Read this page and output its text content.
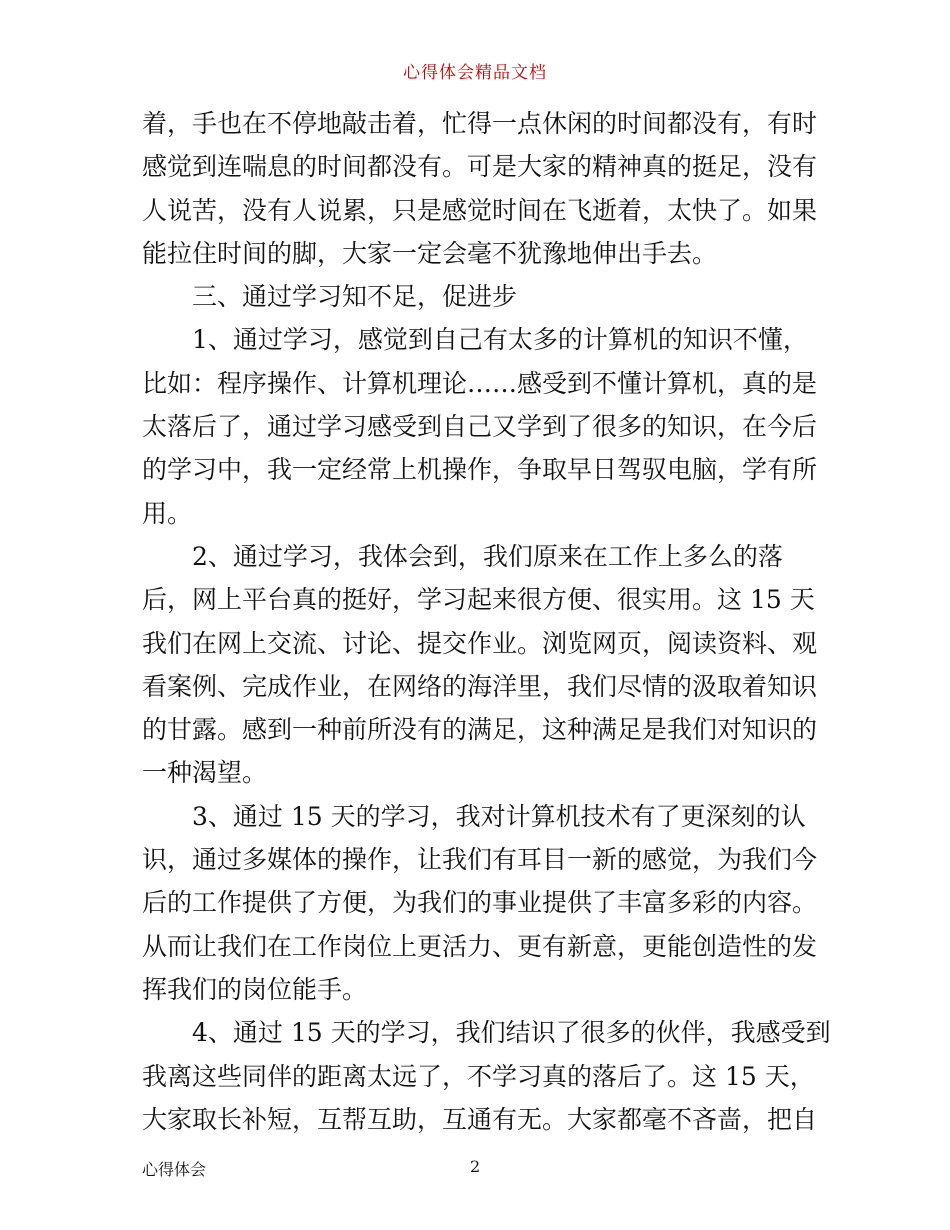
心得体会精品文档
着，手也在不停地敲击着，忙得一点休闲的时间都没有，有时
感觉到连喘息的时间都没有。可是大家的精神真的挺足，没有
人说苦，没有人说累，只是感觉时间在飞逝着，太快了。如果
能拉住时间的脚，大家一定会毫不犹豫地伸出手去。
三、通过学习知不足，促进步
1、通过学习，感觉到自己有太多的计算机的知识不懂，
比如：程序操作、计算机理论……感受到不懂计算机，真的是
太落后了，通过学习感受到自己又学到了很多的知识，在今后
的学习中，我一定经常上机操作，争取早日驾驭电脑，学有所
用。
2、通过学习，我体会到，我们原来在工作上多么的落
后，网上平台真的挺好，学习起来很方便、很实用。这 15 天
我们在网上交流、讨论、提交作业。浏览网页，阅读资料、观
看案例、完成作业，在网络的海洋里，我们尽情的汲取着知识
的甘露。感到一种前所没有的满足，这种满足是我们对知识的
一种渴望。
3、通过 15 天的学习，我对计算机技术有了更深刻的认
识，通过多媒体的操作，让我们有耳目一新的感觉，为我们今
后的工作提供了方便，为我们的事业提供了丰富多彩的内容。
从而让我们在工作岗位上更活力、更有新意，更能创造性的发
挥我们的岗位能手。
4、通过 15 天的学习，我们结识了很多的伙伴，我感受到
我离这些同伴的距离太远了，不学习真的落后了。这 15 天，
大家取长补短，互帮互助，互通有无。大家都毫不吝啬，把自
心得体会	2
